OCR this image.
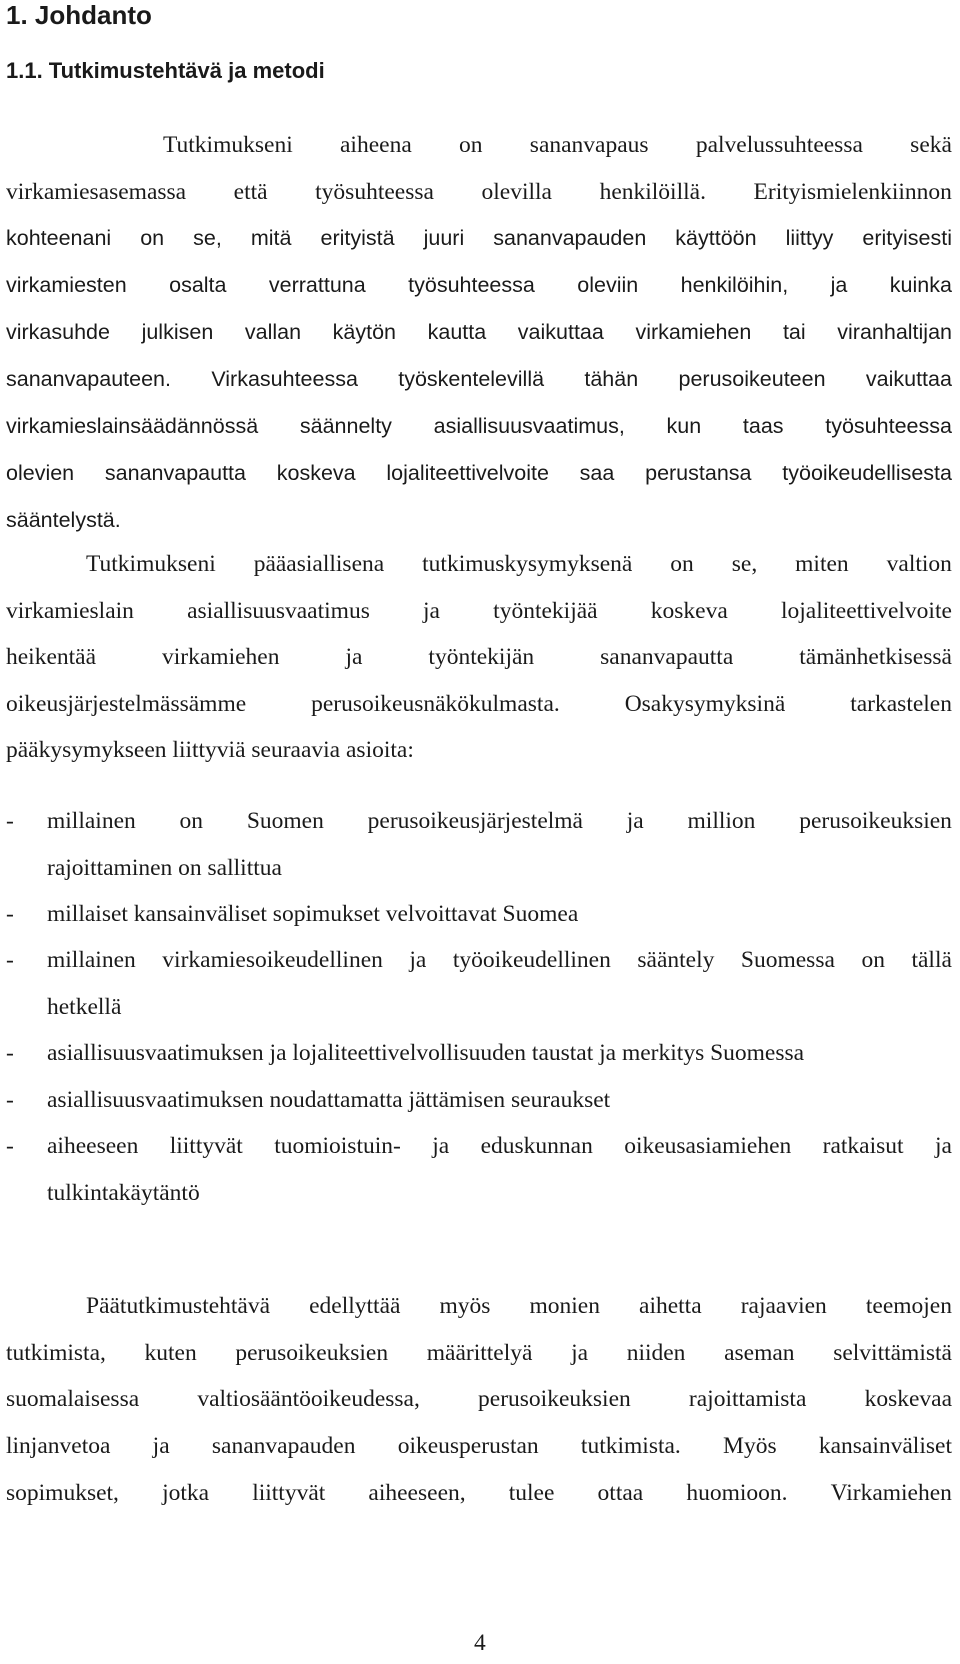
1. Johdanto
1.1. Tutkimustehtävä ja metodi
Tutkimukseni aiheena on sananvapaus palvelussuhteessa sekä
virkamiesasemassa että työsuhteessa olevilla henkilöillä. Erityismielenkiinnon
kohteenani on se, mitä erityistä juuri sananvapauden käyttöön liittyy erityisesti
virkamiesten osalta verrattuna työsuhteessa oleviin henkilöihin, ja kuinka
virkasuhde julkisen vallan käytön kautta vaikuttaa virkamiehen tai viranhaltijan
sananvapauteen. Virkasuhteessa työskentelevillä tähän perusoikeuteen vaikuttaa
virkamieslainsäädännössä säännelty asiallisuusvaatimus, kun taas työsuhteessa
olevien sananvapautta koskeva lojaliteettivelvoite saa perustansa työoikeudellisesta
sääntelystä.
Tutkimukseni pääasiallisena tutkimuskysymyksenä on se, miten valtion
virkamieslain asiallisuusvaatimus ja työntekijää koskeva lojaliteettivelvoite
heikentää	virkamiehen	ja	työntekijän	sananvapautta	tämänhetkisessä
oikeusjärjestelmässämme	perusoikeusnäkökulmasta.	Osakysymyksinä	tarkastelen
pääkysymykseen liittyviä seuraavia asioita:
- millainen on Suomen perusoikeusjärjestelmä ja million perusoikeuksien
rajoittaminen on sallittua
- millaiset kansainväliset sopimukset velvoittavat Suomea
- millainen virkamiesoikeudellinen ja työoikeudellinen sääntely Suomessa on tällä
hetkellä
- asiallisuusvaatimuksen ja lojaliteettivelvollisuuden taustat ja merkitys Suomessa
- asiallisuusvaatimuksen noudattamatta jättämisen seuraukset
- aiheeseen liittyvät tuomioistuin- ja eduskunnan oikeusasiamiehen ratkaisut ja
tulkintakäytäntö
Päätutkimustehtävä edellyttää myös monien aihetta rajaavien teemojen
tutkimista, kuten perusoikeuksien määrittelyä ja niiden aseman selvittämistä
suomalaisessa valtiosääntöoikeudessa, perusoikeuksien rajoittamista koskevaa
linjanvetoa ja sananvapauden oikeusperustan tutkimista. Myös kansainväliset
sopimukset, jotka liittyvät aiheeseen, tulee ottaa huomioon. Virkamiehen
4
